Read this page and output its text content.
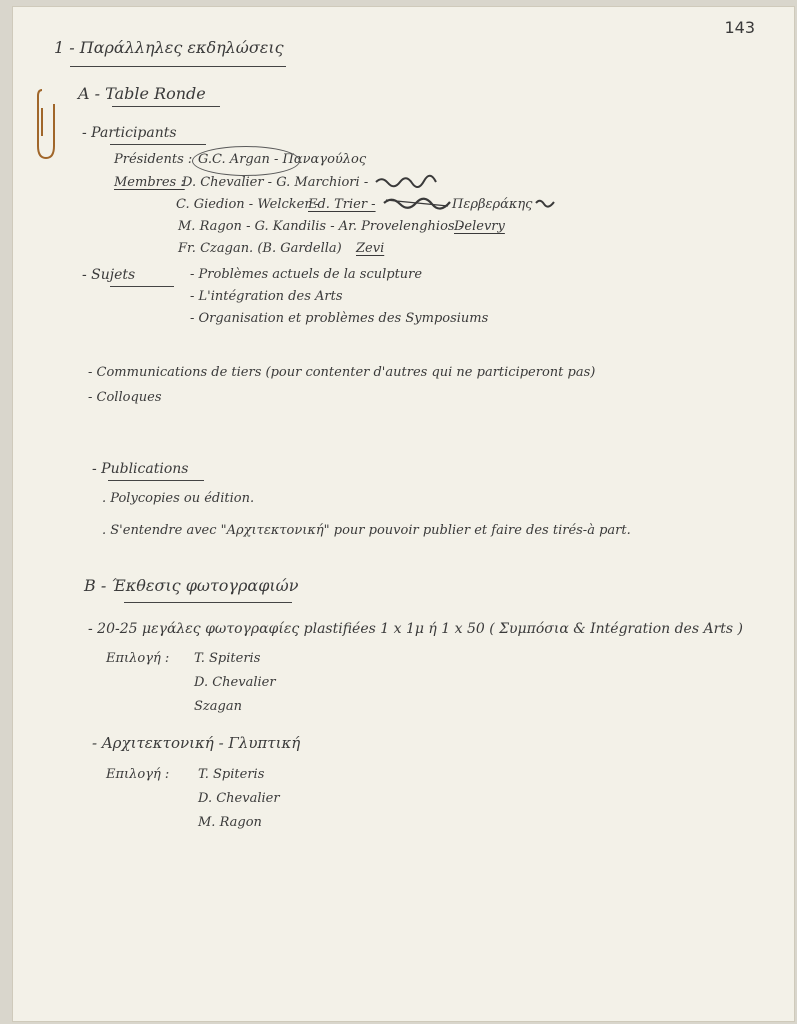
143
1 - Παράλληλες εκδηλώσεις
A - Table Ronde
- Participants
Présidents : G.C. Argan - Παναγούλος
Membres :
D. Chevalier - G. Marchiori -
C. Giedion - Welcker -
Ed. Trier -	Περβεράκης
M. Ragon - G. Kandilis - Ar. Provelenghios -
Delevry
Fr. Czagan. (B. Gardella) Zevi
- Sujets	- Problèmes actuels de la sculpture
- L'intégration des Arts
- Organisation et problèmes des Symposiums
- Communications de tiers (pour contenter d'autres qui ne participeront pas)
- Colloques
- Publications
. Polycopies ou édition.
. S'entendre avec "Αρχιτεκτονική" pour pouvoir publier et faire des tirés-à part.
B - Έκθεσις φωτογραφιών
- 20-25 μεγάλες φωτογραφίες plastifiées 1 x 1μ ή 1 x 50 ( Συμπόσια & Intégration des Arts )
Επιλογή : T. Spiteris
D. Chevalier
Szagan
- Αρχιτεκτονική - Γλυπτική
Επιλογή : T. Spiteris
D. Chevalier
M. Ragon
